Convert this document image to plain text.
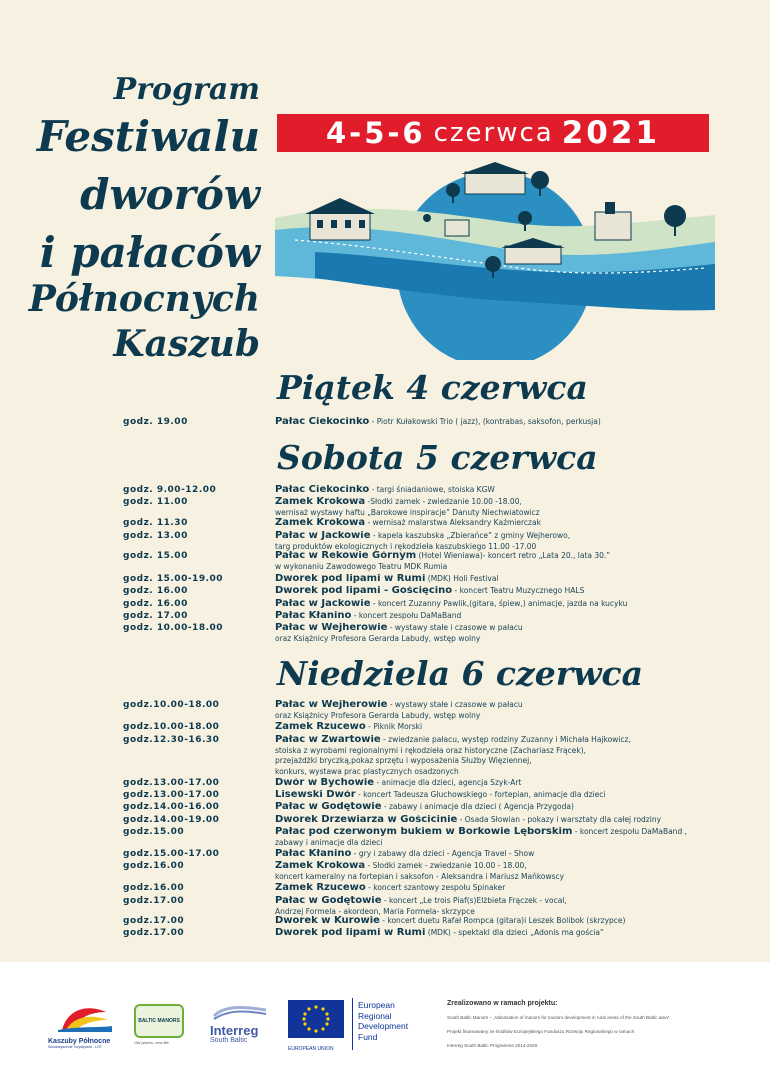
Program
Festiwalu
dworów
i pałaców
Północnych
Kaszub
4-5-6 czerwca 2021
Piątek 4 czerwca
Sobota 5 czerwca
Niedziela 6 czerwca
godz. 19.00	Pałac Ciekocinko - Piotr Kułakowski Trio ( jazz), (kontrabas, saksofon, perkusja)
godz. 9.00-12.00	Pałac Ciekocinko - targi śniadaniowe, stoiska KGW
godz. 11.00	Zamek Krokowa -Słodki zamek - zwiedzanie 10.00 -18.00,
wernisaż wystawy haftu „Barokowe inspiracje” Danuty Niechwiatowicz
godz. 11.30	Zamek Krokowa - wernisaż malarstwa Aleksandry Kaźmierczak
godz. 13.00	Pałac w Jackowie - kapela kaszubska „Zbierańce” z gminy Wejherowo,
targ produktów ekologicznych i rękodzieła kaszubskiego 11.00 -17.00
godz. 15.00	Pałac w Rekowie Górnym (Hotel Wieniawa)- koncert retro „Lata 20., lata 30.”
w wykonaniu Zawodowego Teatru MDK Rumia
godz. 15.00-19.00	Dworek pod lipami w Rumi (MDK) Holi Festival
godz. 16.00	Dworek pod lipami - Gościęcino - koncert Teatru Muzycznego HALS
godz. 16.00	Pałac w Jackowie - koncert Zuzanny Pawlik,(gitara, śpiew,) animacje, jazda na kucyku
godz. 17.00	Pałac Kłanino - koncert zespołu DaMaBand
godz. 10.00-18.00	Pałac w Wejherowie - wystawy stałe i czasowe w pałacu
oraz Książnicy Profesora Gerarda Labudy, wstęp wolny
godz.10.00-18.00	Pałac w Wejherowie - wystawy stałe i czasowe w pałacu
oraz Książnicy Profesora Gerarda Labudy, wstęp wolny
godz.10.00-18.00	Zamek Rzucewo - Piknik Morski
godz.12.30-16.30	Pałac w Zwartowie - zwiedzanie pałacu, występ rodziny Zuzanny i Michała Hajkowicz,
stoiska z wyrobami regionalnymi i rękodzieła oraz historyczne (Zachariasz Frącek),
przejażdżki bryczką,pokaz sprzętu i wyposażenia Służby Więziennej,
konkurs, wystawa prac plastycznych osadzonych
godz.13.00-17.00	Dwór w Bychowie - animacje dla dzieci, agencja Szyk-Art
godz.13.00-17.00	Lisewski Dwór - koncert Tadeusza Głuchowskiego - fortepian, animacje dla dzieci
godz.14.00-16.00	Pałac w Godętowie - zabawy i animacje dla dzieci ( Agencja Przygoda)
godz.14.00-19.00	Dworek Drzewiarza w Gościcinie - Osada Słowian - pokazy i warsztaty dla całej rodziny
godz.15.00	Pałac pod czerwonym bukiem w Borkowie Lęborskim - koncert zespołu DaMaBand ,
zabawy i animacje dla dzieci
godz.15.00-17.00	Pałac Kłanino - gry i zabawy dla dzieci - Agencja Travel - Show
godz.16.00	Zamek Krokowa - Słodki zamek - zwiedzanie 10.00 - 18.00,
koncert kameralny na fortepian i saksofon - Aleksandra i Mariusz Mańkowscy
godz.16.00	Zamek Rzucewo - koncert szantowy zespołu Spinaker
godz.17.00	Pałac w Godętowie - koncert „Le trois Piaf(s)Elżbieta Frączek - vocal,
Andrzej Formela - akordeon, Maria Formela- skrzypce
godz.17.00	Dworek w Kurowie - koncert duetu Rafał Rompca (gitara)i Leszek Bolibok (skrzypce)
godz.17.00	Dworek pod lipami w Rumi (MDK) - spektakl dla dzieci „Adonis ma gościa”
Kaszuby Północne
Stowarzyszenie Turystyczne - LOT
BALTIC MANORS
Old places, new life
Interreg
South Baltic
EUROPEAN UNION
European Regional Development Fund
Zrealizowano w ramach projektu:
South Baltic Manors – „Valorisation of manors for tourism development in rural areas of the South Baltic area”.
Projekt finansowany ze środków Europejskiego Funduszu Rozwoju Regionalnego w ramach
Interreg South Baltic Programme 2014-2020.
